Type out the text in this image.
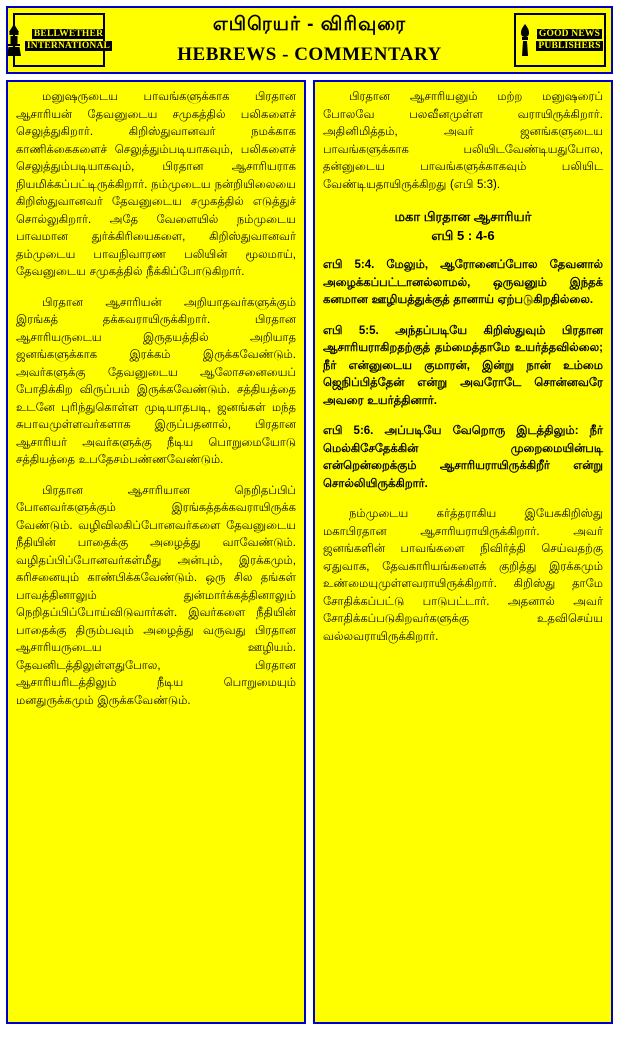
BELLWETHER
INTERNATIONAL
எபிரெயர் - விரிவுரை
HEBREWS - COMMENTARY
GOOD NEWS
PUBLISHERS

மனுஷருடைய பாவங்களுக்காக பிரதான ஆசாரியன் தேவனுடைய சமுகத்தில் பலிகளைச் செலுத்துகிறார். கிறிஸ்துவானவர் நமக்காக காணிக்கைகளைச் செலுத்தும்படியாகவும், பலிகளைச் செலுத்தும்படியாகவும், பிரதான ஆசாரியராக நியமிக்கப்பட்டிருக்கிறார். நம்முடைய நன்றியிலையை கிறிஸ்துவானவர் தேவனுடைய சமுகத்தில் எடுத்துச் சொல்லுகிறார். அதே வேளையில் நம்முடைய பாவமான துர்க்கிரியைகளை, கிறிஸ்துவானவர் தம்முடைய பாவநிவாரண பலியின் மூலமாய், தேவனுடைய சமுகத்தில் நீக்கிப்போடுகிறார்.

பிரதான ஆசாரியன் அறியாதவர்களுக்கும் இரங்கத் தக்கவராயிருக்கிறார். பிரதான ஆசாரியருடைய இருதயத்தில் அறியாத ஜனங்களுக்காக இரக்கம் இருக்கவேண்டும். அவர்களுக்கு தேவனுடைய ஆலோசனையைப் போதிக்கிற விருப்பம் இருக்கவேண்டும். சத்தியத்தை உடனே புரிந்துகொள்ள முடியாதபடி, ஜனங்கள் மந்த சுபாவமுள்ளவர்களாக இருப்பதனால், பிரதான ஆசாரியர் அவர்களுக்கு நீடிய பொறுமையோடு சத்தியத்தை உபதேசம்பண்ணவேண்டும்.

பிரதான ஆசாரியான நெறிதப்பிப் போனவர்களுக்கும் இரங்கத்தக்கவராயிருக்க வேண்டும். வழிவிலகிப்போனவர்களை தேவனுடைய நீதியின் பாதைக்கு அழைத்து வாவேண்டும். வழிதப்பிப்போனவர்கள்மீது அன்பும், இரக்கமும், கரிசனையும் காண்பிக்கவேண்டும். ஒரு சில தங்கள் பாவத்தினாலும் துன்மார்க்கத்தினாலும் நெறிதப்பிப்போய்விடுவார்கள். இவர்களை நீதியின் பாதைக்கு திரும்பவும் அழைத்து வருவது பிரதான ஆசாரியருடைய ஊழியம். தேவனிடத்திலுள்ளதுபோல, பிரதான ஆசாரியரிடத்திலும் நீடிய பொறுமையும் மனதுருக்கமும் இருக்கவேண்டும்.

பிரதான ஆசாரியனும் மற்ற மனுஷரைப் போலவே பலவீனமுள்ள வராயிருக்கிறார். அதினிமித்தம், அவர் ஜனங்களுடைய பாவங்களுக்காக பலியிடவேண்டியதுபோல, தன்னுடைய பாவங்களுக்காகவும் பலியிட வேண்டியதாயிருக்கிறது (எபி 5:3).

மகா பிரதான ஆசாரியர்
எபி 5 : 4-6

எபி 5:4. மேலும், ஆரோனைப்போல தேவனால் அழைக்கப்பட்டானல்லாமல், ஒருவனும் இந்தக் கனமான ஊழியத்துக்குத் தானாய் ஏற்படுகிறதில்லை.

எபி 5:5. அந்தப்படியே கிறிஸ்துவும் பிரதான ஆசாரியராகிறதற்குத் தம்மைத்தாமே உயர்த்தவில்லை; நீர் என்னுடைய குமாரன், இன்று நான் உம்மை ஜெநிப்பித்தேன் என்று அவரோடே சொன்னவரே அவரை உயர்த்தினார்.

எபி 5:6. அப்படியே வேறொரு இடத்திலும்: நீர் மெல்கிசேதேக்கின் முறைமையின்படி என்றென்றைக்கும் ஆசாரியராயிருக்கிறீர் என்று சொல்லியிருக்கிறார்.

நம்முடைய கர்த்தராகிய இயேசுகிறிஸ்து மகாபிரதான ஆசாரியராயிருக்கிறார். அவர் ஜனங்களின் பாவங்களை நிவிர்த்தி செய்வதற்கு ஏதுவாக, தேவகாரியங்களைக் குறித்து இரக்கமும் உண்மையுமுள்ளவராயிருக்கிறார். கிறிஸ்து தாமே சோதிக்கப்பட்டு பாடுபட்டார். அதனால் அவர் சோதிக்கப்படுகிறவர்களுக்கு உதவிசெய்ய வல்லவராயிருக்கிறார்.
